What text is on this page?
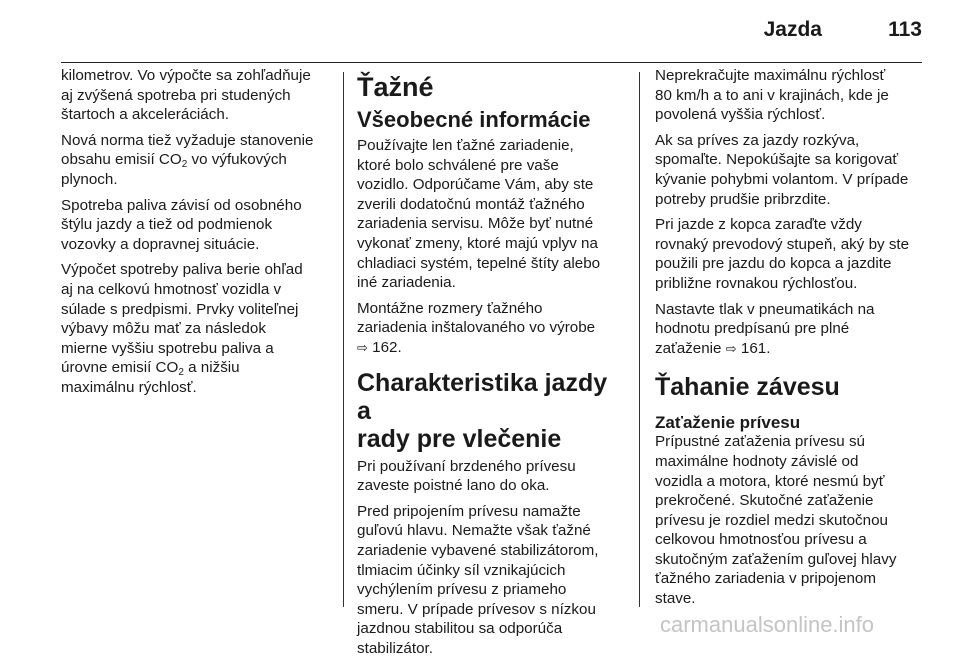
Jazda	113

kilometrov. Vo výpočte sa zohľadňuje
aj zvýšená spotreba pri studených
štartoch a akceleráciách.

Nová norma tiež vyžaduje stanovenie
obsahu emisií $CO_2$ vo výfukových
plynoch.

Spotreba paliva závisí od osobného
štýlu jazdy a tiež od podmienok
vozovky a dopravnej situácie.

Výpočet spotreby paliva berie ohľad
aj na celkovú hmotnosť vozidla v
súlade s predpismi. Prvky voliteľnej
výbavy môžu mať za následok
mierne vyššiu spotrebu paliva a
úrovne emisií $CO_2$ a nižšiu
maximálnu rýchlosť.

Ťažné
Všeobecné informácie

Používajte len ťažné zariadenie,
ktoré bolo schválené pre vaše
vozidlo. Odporúčame Vám, aby ste
zverili dodatočnú montáž ťažného
zariadenia servisu. Môže byť nutné
vykonať zmeny, ktoré majú vplyv na
chladiaci systém, tepelné štíty alebo
iné zariadenia.

Montážne rozmery ťažného
zariadenia inštalovaného vo výrobe
⇨ 162.

Charakteristika jazdy a
rady pre vlečenie

Pri používaní brzdeného prívesu
zaveste poistné lano do oka.

Pred pripojením prívesu namažte
guľovú hlavu. Nemažte však ťažné
zariadenie vybavené stabilizátorom,
tlmiacim účinky síl vznikajúcich
vychýlením prívesu z priameho
smeru. V prípade prívesov s nízkou
jazdnou stabilitou sa odporúča
stabilizátor.

Neprekračujte maximálnu rýchlosť
80 km/h a to ani v krajinách, kde je
povolená vyššia rýchlosť.

Ak sa príves za jazdy rozkýva,
spomaľte. Nepokúšajte sa korigovať
kývanie pohybmi volantom. V prípade
potreby prudšie pribrzdite.

Pri jazde z kopca zaraďte vždy
rovnaký prevodový stupeň, aký by ste
použili pre jazdu do kopca a jazdite
približne rovnakou rýchlosťou.

Nastavte tlak v pneumatikách na
hodnotu predpísanú pre plné
zaťaženie ⇨ 161.

Ťahanie závesu
Zaťaženie prívesu

Prípustné zaťaženia prívesu sú
maximálne hodnoty závislé od
vozidla a motora, ktoré nesmú byť
prekročené. Skutočné zaťaženie
prívesu je rozdiel medzi skutočnou
celkovou hmotnosťou prívesu a
skutočným zaťažením guľovej hlavy
ťažného zariadenia v pripojenom
stave.

carmanualsonline.info
